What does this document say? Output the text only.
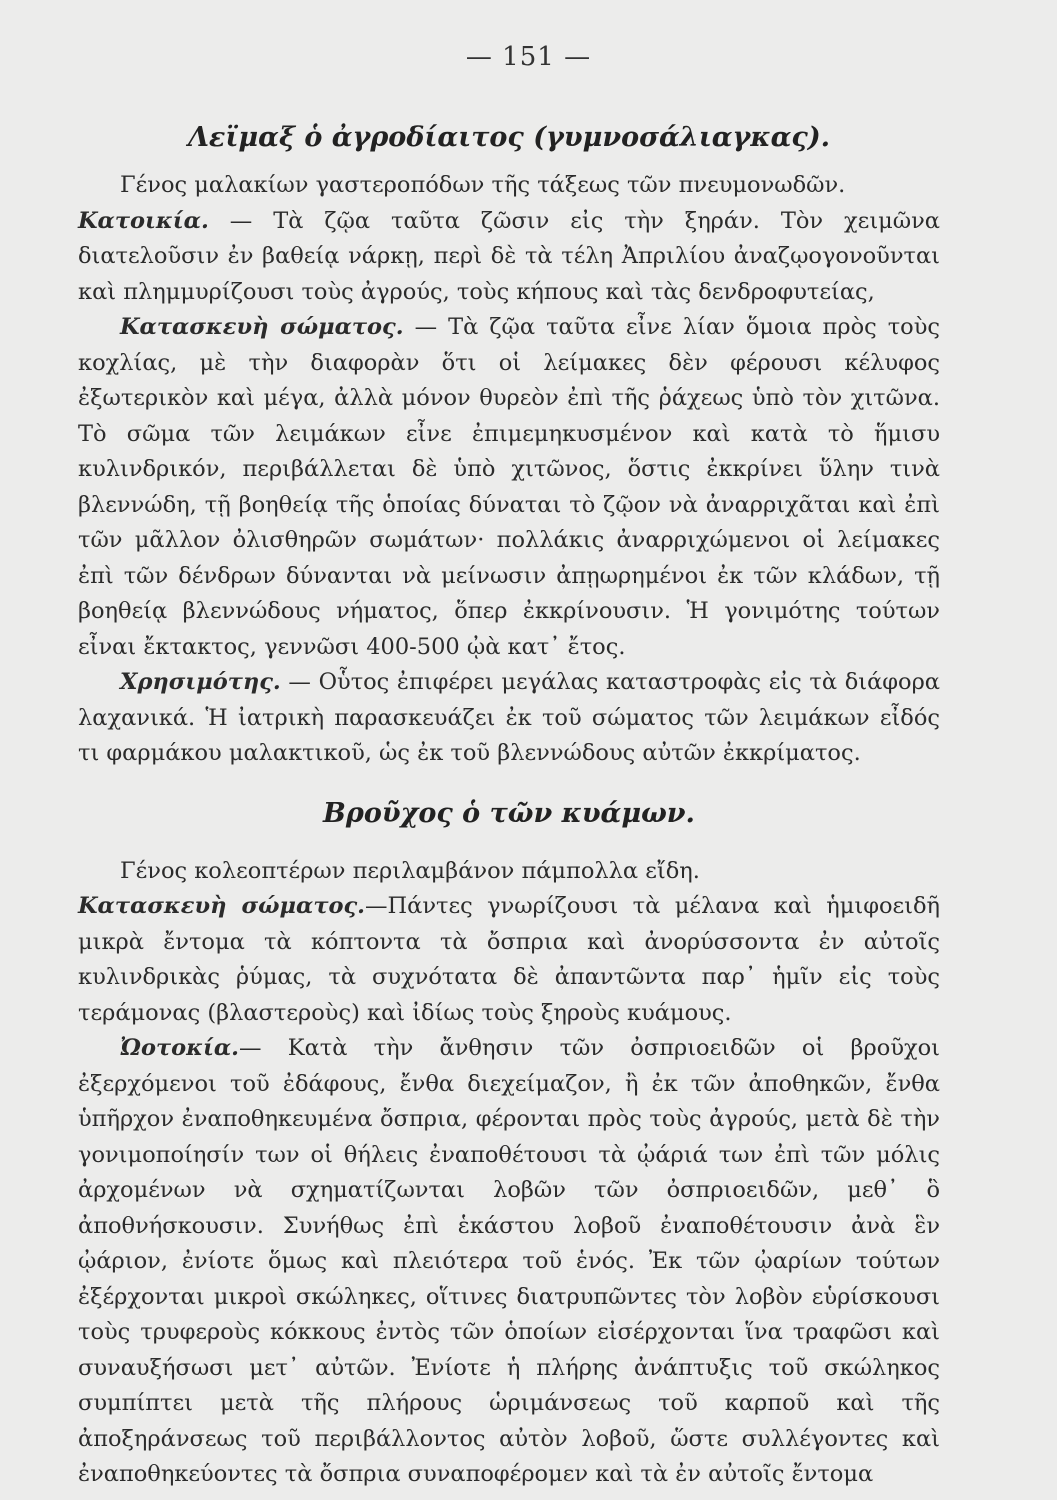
— 151 —
Λεϊμαξ ὁ ἀγροδίαιτος (γυμνοσάλιαγκας).

Γένος μαλακίων γαστεροπόδων τῆς τάξεως τῶν πνευμονωδῶν.

Κατοικία. — Τὰ ζῷα ταῦτα ζῶσιν εἰς τὴν ξηράν. Τὸν χειμῶνα διατελοῦσιν ἐν βαθείᾳ νάρκῃ, περὶ δὲ τὰ τέλη Ἀπριλίου ἀναζῳογονοῦνται καὶ πλημμυρίζουσι τοὺς ἀγρούς, τοὺς κήπους καὶ τὰς δενδροφυτείας,

Κατασκευὴ σώματος. — Τὰ ζῷα ταῦτα εἶνε λίαν ὅμοια πρὸς τοὺς κοχλίας, μὲ τὴν διαφορὰν ὅτι οἱ λείμακες δὲν φέρουσι κέλυφος ἐξωτερικὸν καὶ μέγα, ἀλλὰ μόνον θυρεὸν ἐπὶ τῆς ῥάχεως ὑπὸ τὸν χιτῶνα. Τὸ σῶμα τῶν λειμάκων εἶνε ἐπιμεμηκυσμένον καὶ κατὰ τὸ ἥμισυ κυλινδρικόν, περιβάλλεται δὲ ὑπὸ χιτῶνος, ὅστις ἐκκρίνει ὕλην τινὰ βλεννώδη, τῇ βοηθείᾳ τῆς ὁποίας δύναται τὸ ζῷον νὰ ἀναρριχᾶται καὶ ἐπὶ τῶν μᾶλλον ὀλισθηρῶν σωμάτων· πολλάκις ἀναρριχώμενοι οἱ λείμακες ἐπὶ τῶν δένδρων δύνανται νὰ μείνωσιν ἀπῃωρημένοι ἐκ τῶν κλάδων, τῇ βοηθείᾳ βλεννώδους νήματος, ὅπερ ἐκκρίνουσιν. Ἡ γονιμότης τούτων εἶναι ἔκτακτος, γεννῶσι 400-500 ᾠὰ κατ᾽ ἔτος.

Χρησιμότης. — Οὗτος ἐπιφέρει μεγάλας καταστροφὰς εἰς τὰ διάφορα λαχανικά. Ἡ ἰατρικὴ παρασκευάζει ἐκ τοῦ σώματος τῶν λειμάκων εἶδός τι φαρμάκου μαλακτικοῦ, ὡς ἐκ τοῦ βλεννώδους αὐτῶν ἐκκρίματος.

Βροῦχος ὁ τῶν κυάμων.

Γένος κολεοπτέρων περιλαμβάνον πάμπολλα εἴδη.

Κατασκευὴ σώματος.—Πάντες γνωρίζουσι τὰ μέλανα καὶ ἡμιφοειδῆ μικρὰ ἔντομα τὰ κόπτοντα τὰ ὄσπρια καὶ ἀνορύσσοντα ἐν αὐτοῖς κυλινδρικὰς ῥύμας, τὰ συχνότατα δὲ ἀπαντῶντα παρ᾽ ἡμῖν εἰς τοὺς τεράμονας (βλαστεροὺς) καὶ ἰδίως τοὺς ξηροὺς κυάμους.

Ὠοτοκία.— Κατὰ τὴν ἄνθησιν τῶν ὀσπριοειδῶν οἱ βροῦχοι ἐξερχόμενοι τοῦ ἐδάφους, ἔνθα διεχείμαζον, ἢ ἐκ τῶν ἀποθηκῶν, ἔνθα ὑπῆρχον ἐναποθηκευμένα ὄσπρια, φέρονται πρὸς τοὺς ἀγρούς, μετὰ δὲ τὴν γονιμοποίησίν των οἱ θήλεις ἐναποθέτουσι τὰ ᾠάριά των ἐπὶ τῶν μόλις ἀρχομένων νὰ σχηματίζωνται λοβῶν τῶν ὀσπριοειδῶν, μεθ᾽ ὃ ἀποθνήσκουσιν. Συνήθως ἐπὶ ἑκάστου λοβοῦ ἐναποθέτουσιν ἀνὰ ἓν ᾠάριον, ἐνίοτε ὅμως καὶ πλειότερα τοῦ ἑνός. Ἐκ τῶν ᾠαρίων τούτων ἐξέρχονται μικροὶ σκώληκες, οἵτινες διατρυπῶντες τὸν λοβὸν εὑρίσκουσι τοὺς τρυφεροὺς κόκκους ἐντὸς τῶν ὁποίων εἰσέρχονται ἵνα τραφῶσι καὶ συναυξήσωσι μετ᾽ αὐτῶν. Ἐνίοτε ἡ πλήρης ἀνάπτυξις τοῦ σκώληκος συμπίπτει μετὰ τῆς πλήρους ὡριμάνσεως τοῦ καρποῦ καὶ τῆς ἀποξηράνσεως τοῦ περιβάλλοντος αὐτὸν λοβοῦ, ὥστε συλλέγοντες καὶ ἐναποθηκεύοντες τὰ ὄσπρια συναποφέρομεν καὶ τὰ ἐν αὐτοῖς ἔντομα
